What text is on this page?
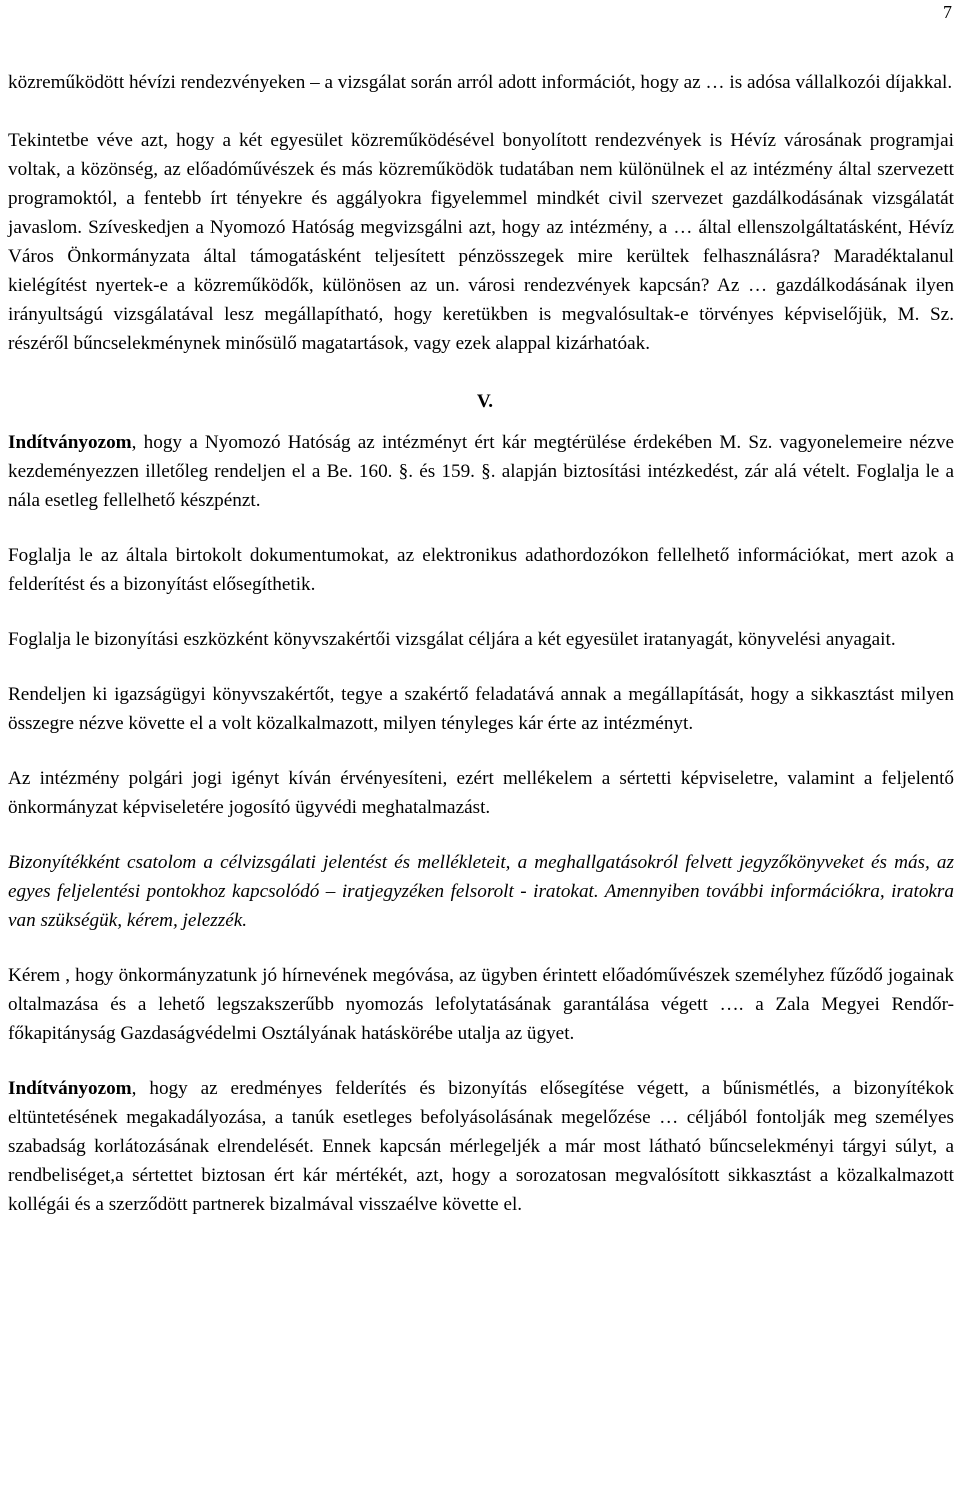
7

közreműködött hévízi rendezvényeken – a vizsgálat során arról adott információt, hogy az … is adósa vállalkozói díjakkal.

Tekintetbe véve azt, hogy a két egyesület közreműködésével bonyolított rendezvények is Hévíz városának programjai voltak, a közönség, az előadóművészek és más közreműködök tudatában nem különülnek el az intézmény által szervezett programoktól, a fentebb írt tényekre és aggályokra figyelemmel mindkét civil szervezet gazdálkodásának vizsgálatát javaslom. Szíveskedjen a Nyomozó Hatóság megvizsgálni azt, hogy az intézmény, a … által ellenszolgáltatásként, Hévíz Város Önkormányzata által támogatásként teljesített pénzösszegek mire kerültek felhasználásra? Maradéktalanul kielégítést nyertek-e a közreműködők, különösen az un. városi rendezvények kapcsán? Az … gazdálkodásának ilyen irányultságú vizsgálatával lesz megállapítható, hogy keretükben is megvalósultak-e törvényes képviselőjük, M. Sz. részéről bűncselekménynek minősülő magatartások, vagy ezek alappal kizárhatóak.

V.

Indítványozom, hogy a Nyomozó Hatóság az intézményt ért kár megtérülése érdekében M. Sz. vagyonelemeire nézve kezdeményezzen illetőleg rendeljen el a Be. 160. §. és 159. §. alapján biztosítási intézkedést, zár alá vételt. Foglalja le a nála esetleg fellelhető készpénzt.

Foglalja le az általa birtokolt dokumentumokat, az elektronikus adathordozókon fellelhető információkat, mert azok a felderítést és a bizonyítást elősegíthetik.

Foglalja le bizonyítási eszközként könyvszakértői vizsgálat céljára a két egyesület iratanyagát, könyvelési anyagait.

Rendeljen ki igazságügyi könyvszakértőt, tegye a szakértő feladatává annak a megállapítását, hogy a sikkasztást milyen összegre nézve követte el a volt közalkalmazott, milyen tényleges kár érte az intézményt.

Az intézmény polgári jogi igényt kíván érvényesíteni, ezért mellékelem a sértetti képviseletre, valamint a feljelentő önkormányzat képviseletére jogosító ügyvédi meghatalmazást.

Bizonyítékként csatolom a célvizsgálati jelentést és mellékleteit, a meghallgatásokról felvett jegyzőkönyveket és más, az egyes feljelentési pontokhoz kapcsolódó – iratjegyzéken felsorolt - iratokat. Amennyiben további információkra, iratokra van szükségük, kérem, jelezzék.

Kérem , hogy önkormányzatunk jó hírnevének megóvása, az ügyben érintett előadóművészek személyhez fűződő jogainak oltalmazása és a lehető legszakszerűbb nyomozás lefolytatásának garantálása végett …. a Zala Megyei Rendőr-főkapitányság Gazdaságvédelmi Osztályának hatáskörébe utalja az ügyet.

Indítványozom, hogy az eredményes felderítés és bizonyítás elősegítése végett, a bűnismétlés, a bizonyítékok eltüntetésének megakadályozása, a tanúk esetleges befolyásolásának megelőzése … céljából fontolják meg személyes szabadság korlátozásának elrendelését. Ennek kapcsán mérlegeljék a már most látható bűncselekményi tárgyi súlyt, a rendbeliséget,a sértettet biztosan ért kár mértékét, azt, hogy a sorozatosan megvalósított sikkasztást a közalkalmazott kollégái és a szerződött partnerek bizalmával visszaélve követte el.
